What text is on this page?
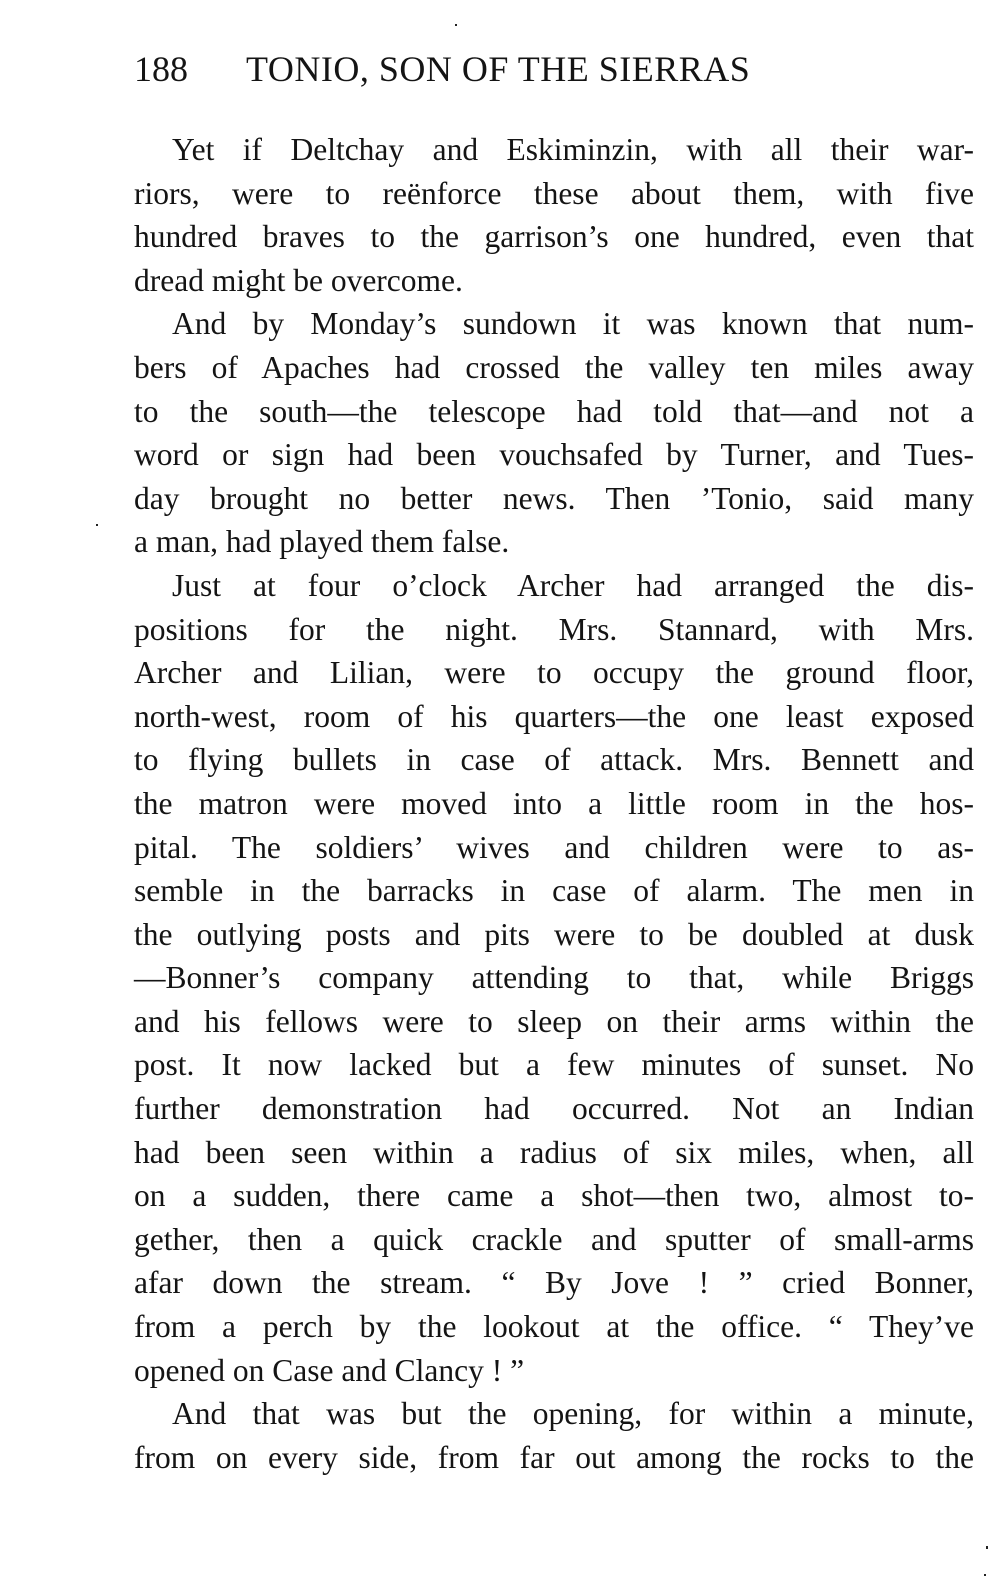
188 TONIO, SON OF THE SIERRAS
Yet if Deltchay and Eskiminzin, with all their war-
riors, were to reënforce these about them, with five
hundred braves to the garrison’s one hundred, even that
dread might be overcome.
And by Monday’s sundown it was known that num-
bers of Apaches had crossed the valley ten miles away
to the south—the telescope had told that—and not a
word or sign had been vouchsafed by Turner, and Tues-
day brought no better news. Then ’Tonio, said many
a man, had played them false.
Just at four o’clock Archer had arranged the dis-
positions for the night. Mrs. Stannard, with Mrs.
Archer and Lilian, were to occupy the ground floor,
north-west, room of his quarters—the one least exposed
to flying bullets in case of attack. Mrs. Bennett and
the matron were moved into a little room in the hos-
pital. The soldiers’ wives and children were to as-
semble in the barracks in case of alarm. The men in
the outlying posts and pits were to be doubled at dusk
—Bonner’s company attending to that, while Briggs
and his fellows were to sleep on their arms within the
post. It now lacked but a few minutes of sunset. No
further demonstration had occurred. Not an Indian
had been seen within a radius of six miles, when, all
on a sudden, there came a shot—then two, almost to-
gether, then a quick crackle and sputter of small-arms
afar down the stream. “ By Jove ! ” cried Bonner,
from a perch by the lookout at the office. “ They’ve
opened on Case and Clancy ! ”
And that was but the opening, for within a minute,
from on every side, from far out among the rocks to the
